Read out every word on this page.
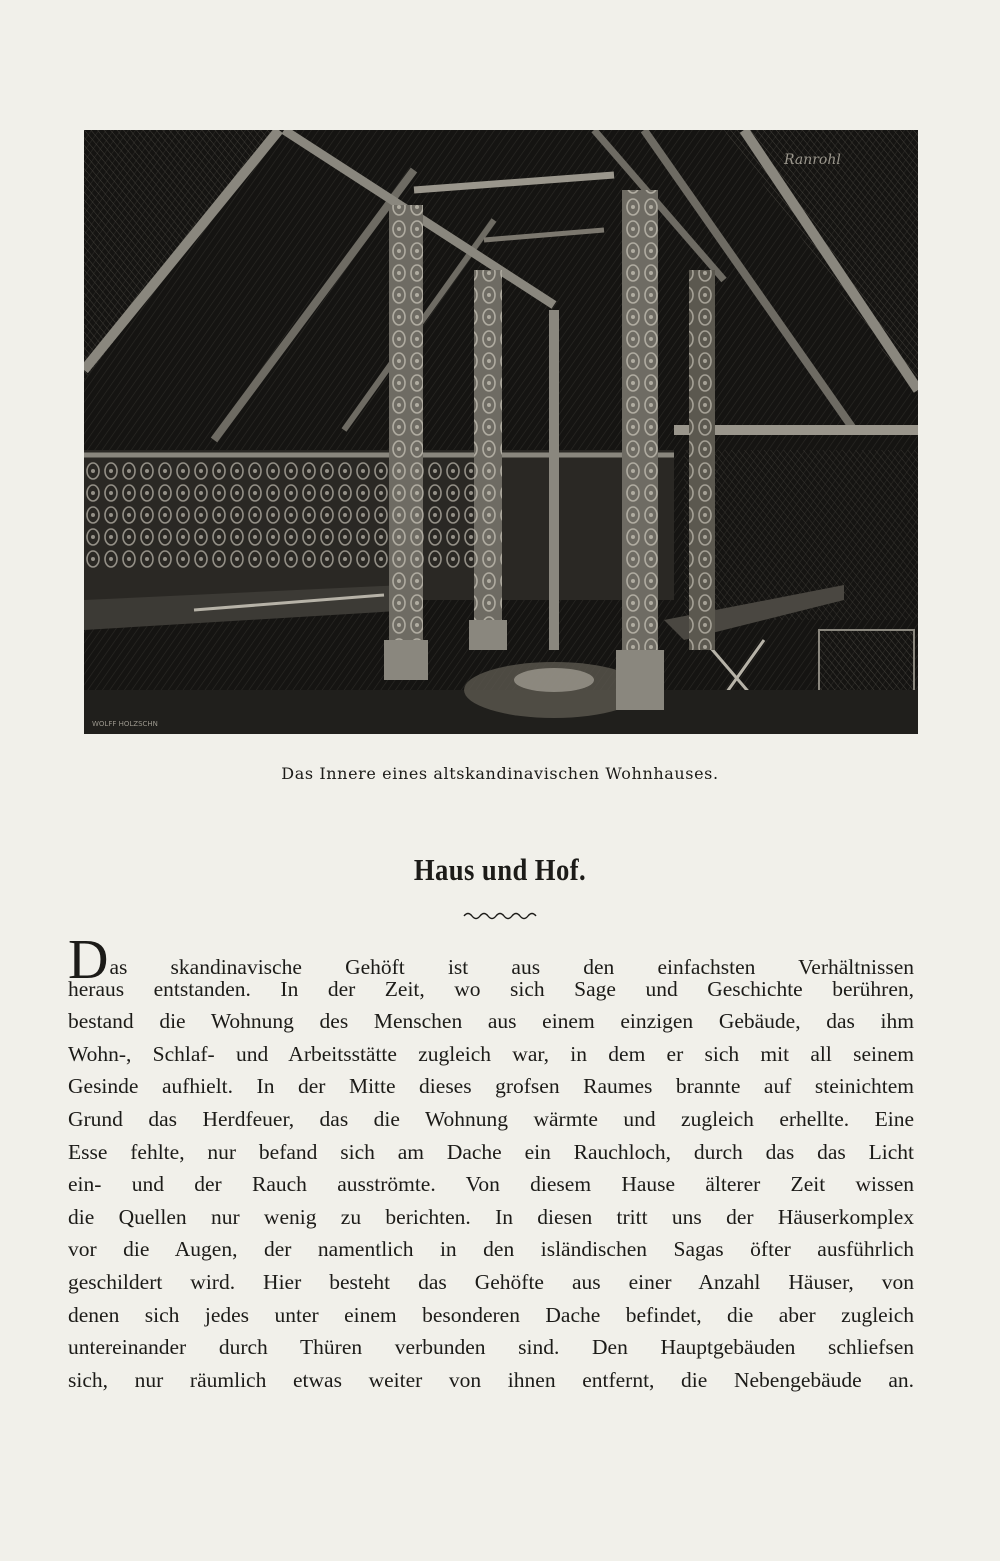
Ranrohl
WOLFF HOLZSCHN
Das Innere eines altskandinavischen Wohnhauses.
Haus und Hof.
Das skandinavische Gehöft ist aus den einfachsten Verhältnissen
heraus entstanden. In der Zeit, wo sich Sage und Geschichte berühren,
bestand die Wohnung des Menschen aus einem einzigen Gebäude, das ihm
Wohn-, Schlaf- und Arbeitsstätte zugleich war, in dem er sich mit all seinem
Gesinde aufhielt. In der Mitte dieses grofsen Raumes brannte auf steinichtem
Grund das Herdfeuer, das die Wohnung wärmte und zugleich erhellte. Eine
Esse fehlte, nur befand sich am Dache ein Rauchloch, durch das das Licht
ein- und der Rauch ausströmte. Von diesem Hause älterer Zeit wissen
die Quellen nur wenig zu berichten. In diesen tritt uns der Häuserkomplex
vor die Augen, der namentlich in den isländischen Sagas öfter ausführlich
geschildert wird. Hier besteht das Gehöfte aus einer Anzahl Häuser, von
denen sich jedes unter einem besonderen Dache befindet, die aber zugleich
untereinander durch Thüren verbunden sind. Den Hauptgebäuden schliefsen
sich, nur räumlich etwas weiter von ihnen entfernt, die Nebengebäude an.
